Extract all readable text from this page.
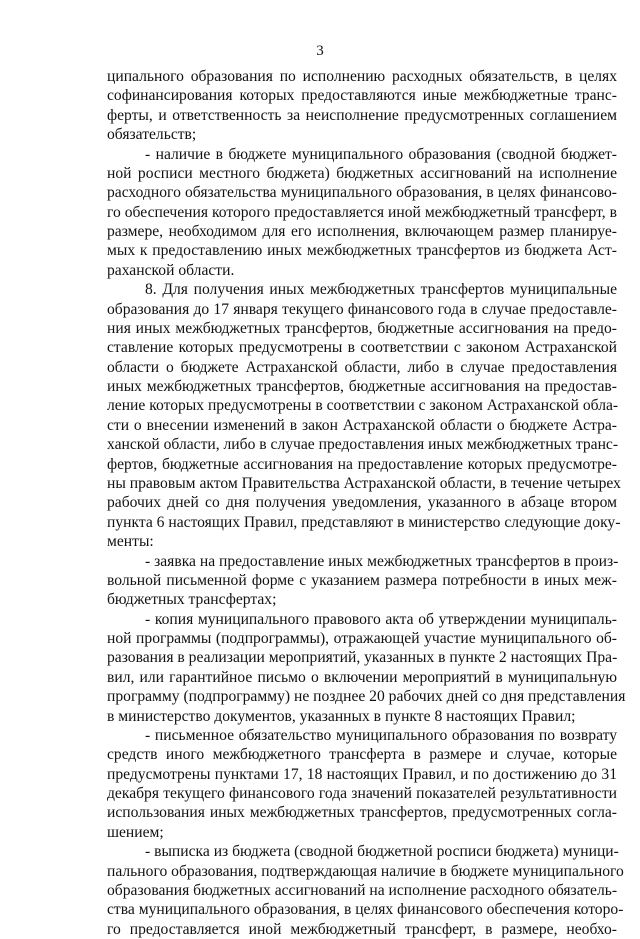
3
ципального образования по исполнению расходных обязательств, в целях
софинансирования которых предоставляются иные межбюджетные транс-
ферты, и ответственность за неисполнение предусмотренных соглашением
обязательств;
- наличие в бюджете муниципального образования (сводной бюджет-
ной росписи местного бюджета) бюджетных ассигнований на исполнение
расходного обязательства муниципального образования, в целях финансово-
го обеспечения которого предоставляется иной межбюджетный трансферт, в
размере, необходимом для его исполнения, включающем размер планируе-
мых к предоставлению иных межбюджетных трансфертов из бюджета Аст-
раханской области.
8. Для получения иных межбюджетных трансфертов муниципальные
образования до 17 января текущего финансового года в случае предоставле-
ния иных межбюджетных трансфертов, бюджетные ассигнования на предо-
ставление которых предусмотрены в соответствии с законом Астраханской
области о бюджете Астраханской области, либо в случае предоставления
иных межбюджетных трансфертов, бюджетные ассигнования на предостав-
ление которых предусмотрены в соответствии с законом Астраханской обла-
сти о внесении изменений в закон Астраханской области о бюджете Астра-
ханской области, либо в случае предоставления иных межбюджетных транс-
фертов, бюджетные ассигнования на предоставление которых предусмотре-
ны правовым актом Правительства Астраханской области, в течение четырех
рабочих дней со дня получения уведомления, указанного в абзаце втором
пункта 6 настоящих Правил, представляют в министерство следующие доку-
менты:
- заявка на предоставление иных межбюджетных трансфертов в произ-
вольной письменной форме с указанием размера потребности в иных меж-
бюджетных трансфертах;
- копия муниципального правового акта об утверждении муниципаль-
ной программы (подпрограммы), отражающей участие муниципального об-
разования в реализации мероприятий, указанных в пункте 2 настоящих Пра-
вил, или гарантийное письмо о включении мероприятий в муниципальную
программу (подпрограмму) не позднее 20 рабочих дней со дня представления
в министерство документов, указанных в пункте 8 настоящих Правил;
- письменное обязательство муниципального образования по возврату
средств иного межбюджетного трансферта в размере и случае, которые
предусмотрены пунктами 17, 18 настоящих Правил, и по достижению до 31
декабря текущего финансового года значений показателей результативности
использования иных межбюджетных трансфертов, предусмотренных согла-
шением;
- выписка из бюджета (сводной бюджетной росписи бюджета) муници-
пального образования, подтверждающая наличие в бюджете муниципального
образования бюджетных ассигнований на исполнение расходного обязатель-
ства муниципального образования, в целях финансового обеспечения которо-
го предоставляется иной межбюджетный трансферт, в размере, необхо-
